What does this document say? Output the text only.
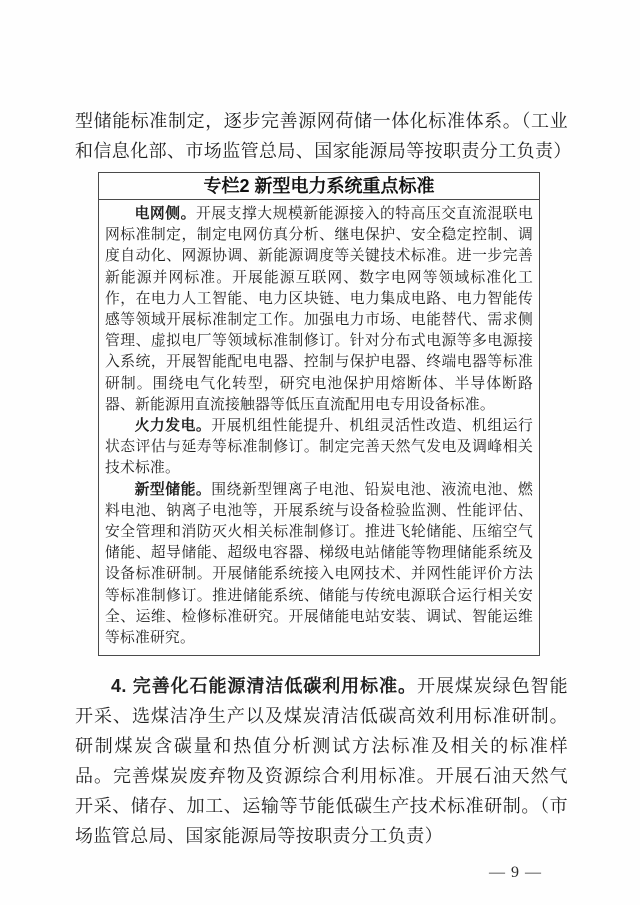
型储能标准制定，逐步完善源网荷储一体化标准体系。（工业和信息化部、市场监管总局、国家能源局等按职责分工负责）

专栏2 新型电力系统重点标准

电网侧。开展支撑大规模新能源接入的特高压交直流混联电网标准制定，制定电网仿真分析、继电保护、安全稳定控制、调度自动化、网源协调、新能源调度等关键技术标准。进一步完善新能源并网标准。开展能源互联网、数字电网等领域标准化工作，在电力人工智能、电力区块链、电力集成电路、电力智能传感等领域开展标准制定工作。加强电力市场、电能替代、需求侧管理、虚拟电厂等领域标准制修订。针对分布式电源等多电源接入系统，开展智能配电电器、控制与保护电器、终端电器等标准研制。围绕电气化转型，研究电池保护用熔断体、半导体断路器、新能源用直流接触器等低压直流配用电专用设备标准。

火力发电。开展机组性能提升、机组灵活性改造、机组运行状态评估与延寿等标准制修订。制定完善天然气发电及调峰相关技术标准。

新型储能。围绕新型锂离子电池、铅炭电池、液流电池、燃料电池、钠离子电池等，开展系统与设备检验监测、性能评估、安全管理和消防灭火相关标准制修订。推进飞轮储能、压缩空气储能、超导储能、超级电容器、梯级电站储能等物理储能系统及设备标准研制。开展储能系统接入电网技术、并网性能评价方法等标准制修订。推进储能系统、储能与传统电源联合运行相关安全、运维、检修标准研究。开展储能电站安装、调试、智能运维等标准研究。

4. 完善化石能源清洁低碳利用标准。开展煤炭绿色智能开采、选煤洁净生产以及煤炭清洁低碳高效利用标准研制。研制煤炭含碳量和热值分析测试方法标准及相关的标准样品。完善煤炭废弃物及资源综合利用标准。开展石油天然气开采、储存、加工、运输等节能低碳生产技术标准研制。（市场监管总局、国家能源局等按职责分工负责）

— 9 —
